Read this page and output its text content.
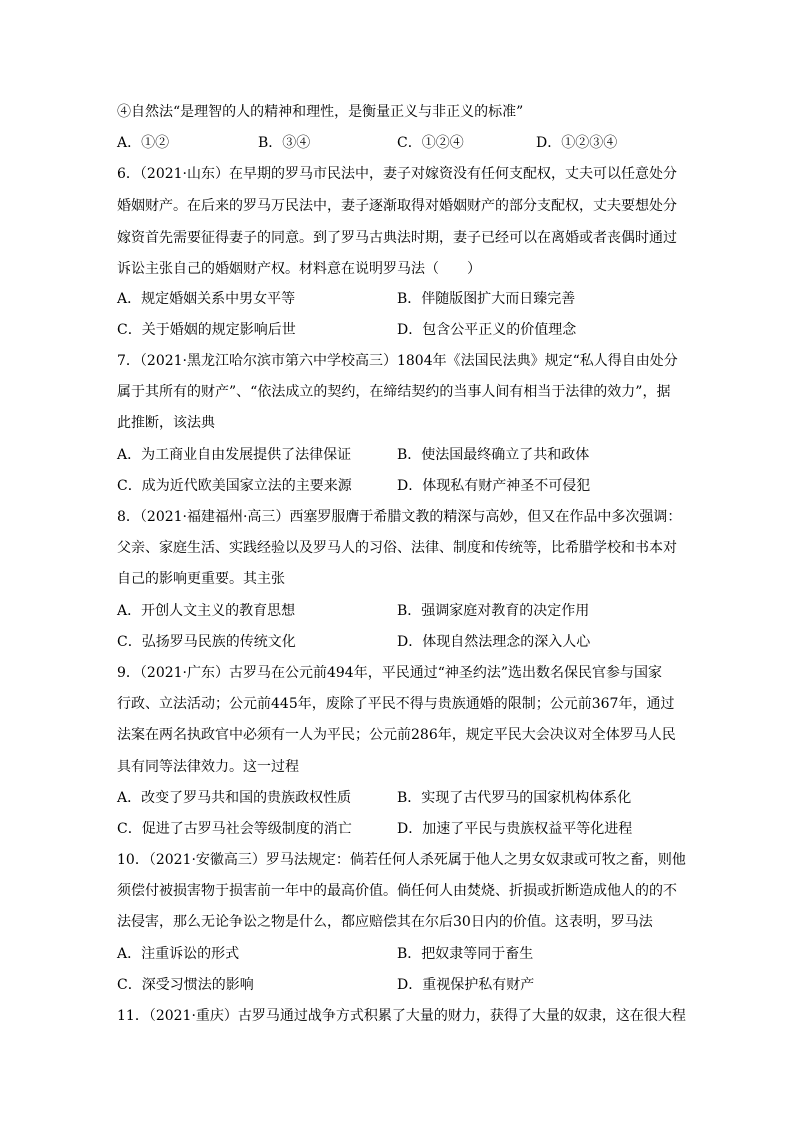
④自然法“是理智的人的精神和理性，是衡量正义与非正义的标准”
A．①②	B．③④	C．①②④	D．①②③④
6．（2021·山东）在早期的罗马市民法中，妻子对嫁资没有任何支配权，丈夫可以任意处分
婚姻财产。在后来的罗马万民法中，妻子逐渐取得对婚姻财产的部分支配权，丈夫要想处分
嫁资首先需要征得妻子的同意。到了罗马古典法时期，妻子已经可以在离婚或者丧偶时通过
诉讼主张自己的婚姻财产权。材料意在说明罗马法（　　）
A．规定婚姻关系中男女平等	B．伴随版图扩大而日臻完善
C．关于婚姻的规定影响后世	D．包含公平正义的价值理念
7．（2021·黑龙江哈尔滨市第六中学校高三）1804年《法国民法典》规定“私人得自由处分
属于其所有的财产”、“依法成立的契约，在缔结契约的当事人间有相当于法律的效力”，据
此推断，该法典
A．为工商业自由发展提供了法律保证	B．使法国最终确立了共和政体
C．成为近代欧美国家立法的主要来源	D．体现私有财产神圣不可侵犯
8．（2021·福建福州·高三）西塞罗服膺于希腊文教的精深与高妙，但又在作品中多次强调：
父亲、家庭生活、实践经验以及罗马人的习俗、法律、制度和传统等，比希腊学校和书本对
自己的影响更重要。其主张
A．开创人文主义的教育思想	B．强调家庭对教育的决定作用
C．弘扬罗马民族的传统文化	D．体现自然法理念的深入人心
9．（2021·广东）古罗马在公元前494年，平民通过“神圣约法”选出数名保民官参与国家
行政、立法活动；公元前445年，废除了平民不得与贵族通婚的限制；公元前367年，通过
法案在两名执政官中必须有一人为平民；公元前286年，规定平民大会决议对全体罗马人民
具有同等法律效力。这一过程
A．改变了罗马共和国的贵族政权性质	B．实现了古代罗马的国家机构体系化
C．促进了古罗马社会等级制度的消亡	D．加速了平民与贵族权益平等化进程
10．（2021·安徽高三）罗马法规定：倘若任何人杀死属于他人之男女奴隶或可牧之畜，则他
须偿付被损害物于损害前一年中的最高价值。倘任何人由焚烧、折损或折断造成他人的的不
法侵害，那么无论争讼之物是什么，都应赔偿其在尔后30日内的价值。这表明，罗马法
A．注重诉讼的形式	B．把奴隶等同于畜生
C．深受习惯法的影响	D．重视保护私有财产
11．（2021·重庆）古罗马通过战争方式积累了大量的财力，获得了大量的奴隶，这在很大程
